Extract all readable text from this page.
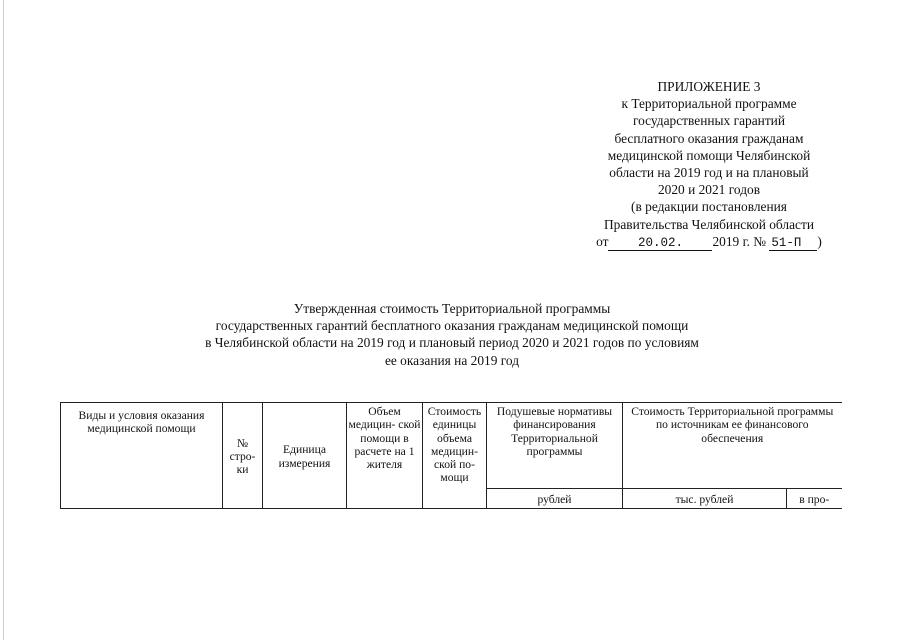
ПРИЛОЖЕНИЕ 3
к Территориальной программе
государственных гарантий
бесплатного оказания гражданам
медицинской помощи Челябинской
области на 2019 год и на плановый
2020 и 2021 годов
(в редакции постановления
Правительства Челябинской области
от 20.02. 2019 г. № 51-П )
Утвержденная стоимость Территориальной программы
государственных гарантий бесплатного оказания гражданам медицинской помощи
в Челябинской области на 2019 год и плановый период 2020 и 2021 годов по условиям
ее оказания на 2019 год
Виды и условия оказания медицинской помощи	№ стро- ки	Единица измерения	Объем медицин- ской помощи в расчете на 1 жителя	Стоимость единицы объема медицин- ской по- мощи	Подушевые нормативы финансирования Территориальной программы	Стоимость Территориальной программы по источникам ее финансового обеспечения	
					рублей	тыс. рублей	в про-
